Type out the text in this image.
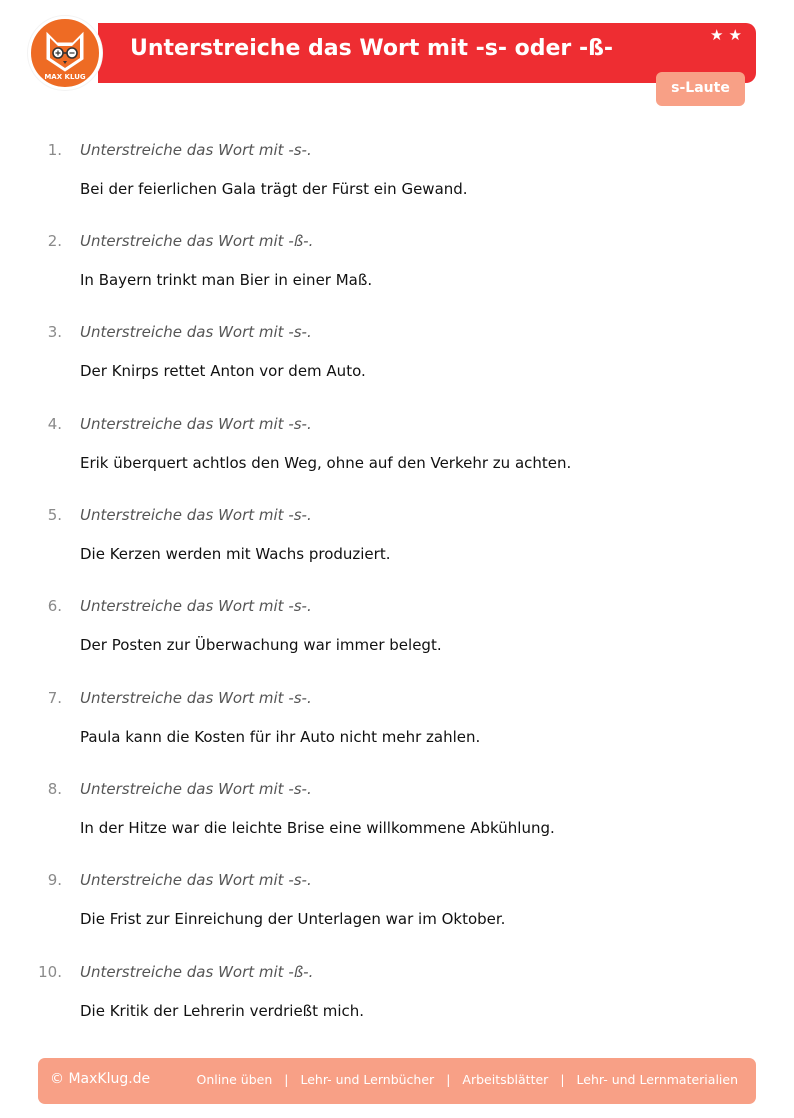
MAX KLUG
Unterstreiche das Wort mit -s- oder -ß-
★★
s-Laute
1. Unterstreiche das Wort mit -s-.
Bei der feierlichen Gala trägt der Fürst ein Gewand.
2. Unterstreiche das Wort mit -ß-.
In Bayern trinkt man Bier in einer Maß.
3. Unterstreiche das Wort mit -s-.
Der Knirps rettet Anton vor dem Auto.
4. Unterstreiche das Wort mit -s-.
Erik überquert achtlos den Weg, ohne auf den Verkehr zu achten.
5. Unterstreiche das Wort mit -s-.
Die Kerzen werden mit Wachs produziert.
6. Unterstreiche das Wort mit -s-.
Der Posten zur Überwachung war immer belegt.
7. Unterstreiche das Wort mit -s-.
Paula kann die Kosten für ihr Auto nicht mehr zahlen.
8. Unterstreiche das Wort mit -s-.
In der Hitze war die leichte Brise eine willkommene Abkühlung.
9. Unterstreiche das Wort mit -s-.
Die Frist zur Einreichung der Unterlagen war im Oktober.
10. Unterstreiche das Wort mit -ß-.
Die Kritik der Lehrerin verdrießt mich.
© MaxKlug.de	Online üben | Lehr- und Lernbücher | Arbeitsblätter | Lehr- und Lernmaterialien
